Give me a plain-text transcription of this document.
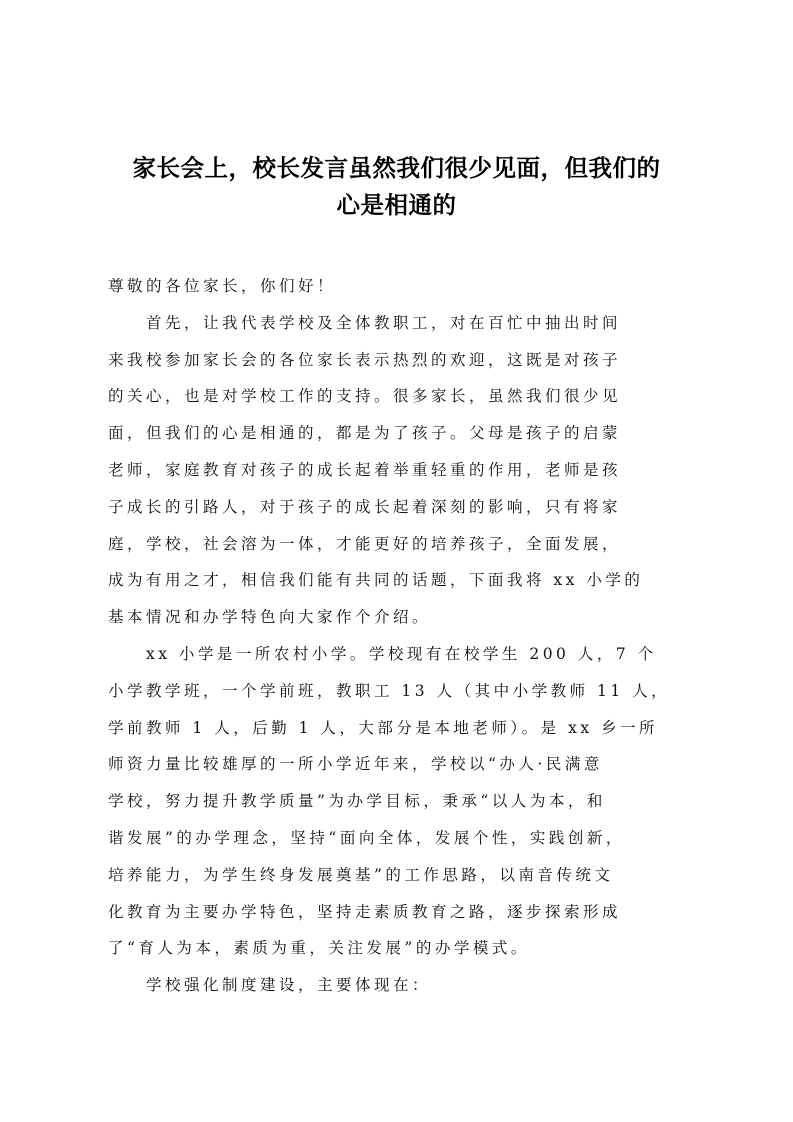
家长会上，校长发言虽然我们很少见面，但我们的
心是相通的
尊敬的各位家长，你们好！
首先，让我代表学校及全体教职工，对在百忙中抽出时间
来我校参加家长会的各位家长表示热烈的欢迎，这既是对孩子
的关心，也是对学校工作的支持。很多家长，虽然我们很少见
面，但我们的心是相通的，都是为了孩子。父母是孩子的启蒙
老师，家庭教育对孩子的成长起着举重轻重的作用，老师是孩
子成长的引路人，对于孩子的成长起着深刻的影响，只有将家
庭，学校，社会溶为一体，才能更好的培养孩子，全面发展，
成为有用之才，相信我们能有共同的话题，下面我将 xx 小学的
基本情况和办学特色向大家作个介绍。
xx 小学是一所农村小学。学校现有在校学生 200 人，7 个
小学教学班，一个学前班，教职工 13 人（其中小学教师 11 人，
学前教师 1 人，后勤 1 人，大部分是本地老师）。是 xx 乡一所
师资力量比较雄厚的一所小学近年来，学校以“办人·民满意
学校，努力提升教学质量”为办学目标，秉承“以人为本，和
谐发展”的办学理念，坚持“面向全体，发展个性，实践创新，
培养能力，为学生终身发展奠基”的工作思路，以南音传统文
化教育为主要办学特色，坚持走素质教育之路，逐步探索形成
了“育人为本，素质为重，关注发展”的办学模式。
学校强化制度建设，主要体现在：
